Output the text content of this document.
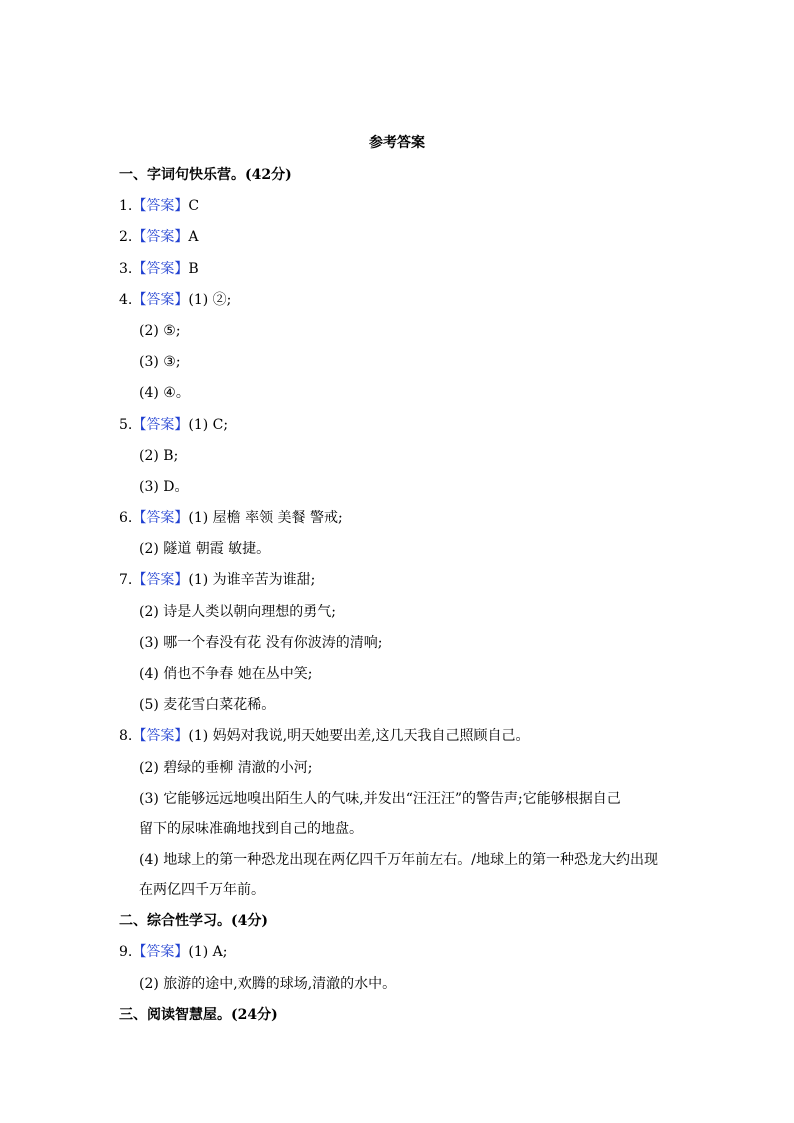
参考答案
一、字词句快乐营。(42分)
1.【答案】C
2.【答案】A
3.【答案】B
4.【答案】(1) ②;
(2) ⑤;
(3) ③;
(4) ④。
5.【答案】(1) C;
(2) B;
(3) D。
6.【答案】(1) 屋檐 率领 美餐 警戒;
(2) 隧道 朝霞 敏捷。
7.【答案】(1) 为谁辛苦为谁甜;
(2) 诗是人类以朝向理想的勇气;
(3) 哪一个春没有花 没有你波涛的清响;
(4) 俏也不争春 她在丛中笑;
(5) 麦花雪白菜花稀。
8.【答案】(1) 妈妈对我说,明天她要出差,这几天我自己照顾自己。
(2) 碧绿的垂柳 清澈的小河;
(3) 它能够远远地嗅出陌生人的气味,并发出“汪汪汪”的警告声;它能够根据自己
留下的尿味准确地找到自己的地盘。
(4) 地球上的第一种恐龙出现在两亿四千万年前左右。/地球上的第一种恐龙大约出现
在两亿四千万年前。
二、综合性学习。(4分)
9.【答案】(1) A;
(2) 旅游的途中,欢腾的球场,清澈的水中。
三、阅读智慧屋。(24分)
